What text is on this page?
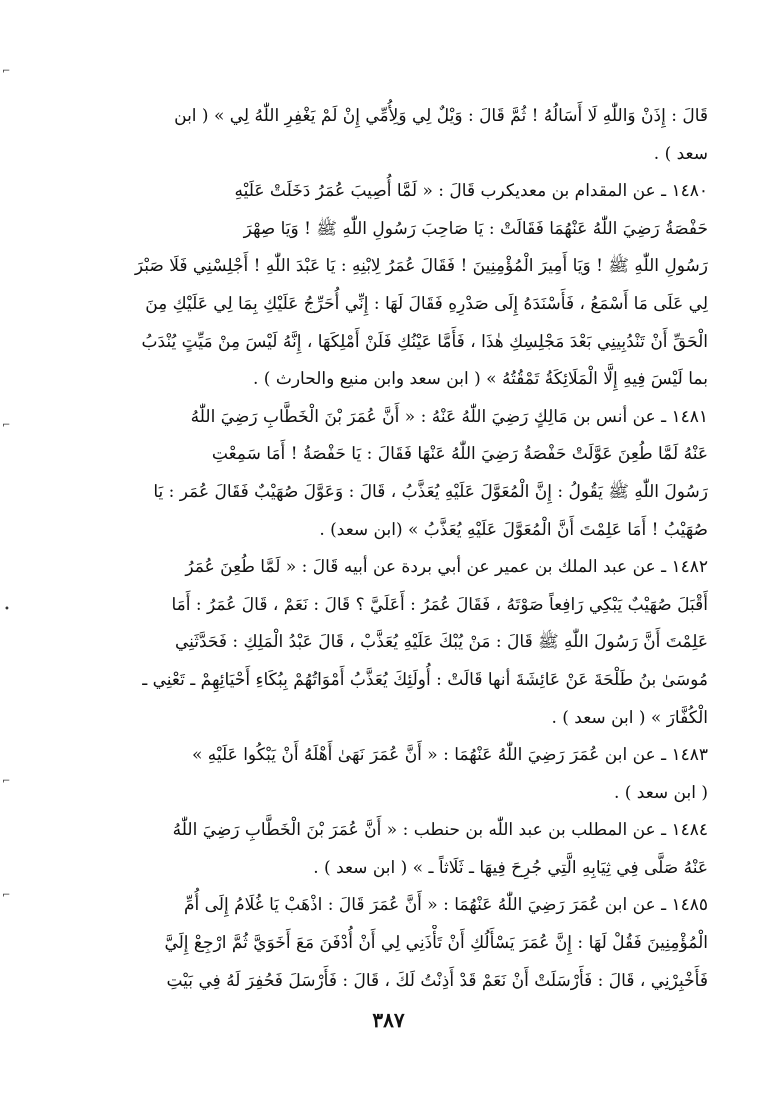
قَالَ : إِذَنْ وَاللّٰهِ لَا أَسَالُهُ ! ثُمَّ قَالَ : وَيْلٌ لِي وَلِأُمِّي إِنْ لَمْ يَغْفِرِ اللّٰهُ لِي » ( ابن
سعد ) .
١٤٨٠ ـ عن المقدام بن معديكرب قَالَ : « لَمَّا أُصِيبَ عُمَرُ دَخَلَتْ عَلَيْهِ
حَفْصَةُ رَضِيَ اللّٰهُ عَنْهُمَا فَقَالَتْ : يَا صَاحِبَ رَسُولِ اللّٰهِ ﷺ ! وَيَا صِهْرَ
رَسُولِ اللّٰهِ ﷺ ! وَيَا أَمِيرَ الْمُؤْمِنِينَ ! فَقَالَ عُمَرُ لِابْنِهِ : يَا عَبْدَ اللّٰهِ ! أَجْلِسْنِي فَلَا صَبْرَ
لِي عَلَى مَا أَسْمَعُ ، فَأَسْنَدَهُ إِلَى صَدْرِهِ فَقَالَ لَهَا : إِنِّي أُحَرِّجُ عَلَيْكِ بِمَا لِي عَلَيْكِ مِنَ
الْحَقِّ أَنْ تَنْدُبِينِي بَعْدَ مَجْلِسِكِ هٰذَا ، فَأَمَّا عَيْنُكِ فَلَنْ أَمْلِكَهَا ، إِنَّهُ لَيْسَ مِنْ مَيِّتٍ يُنْدَبُ
بما لَيْسَ فِيهِ إِلَّا الْمَلَائِكَةُ تَمْقُتُهُ » ( ابن سعد وابن منيع والحارث ) .
١٤٨١ ـ عن أنس بن مَالِكٍ رَضِيَ اللّٰهُ عَنْهُ : « أَنَّ عُمَرَ بْنَ الْخَطَّابِ رَضِيَ اللّٰهُ
عَنْهُ لَمَّا طُعِنَ عَوَّلَتْ حَفْصَةُ رَضِيَ اللّٰهُ عَنْهَا فَقَالَ : يَا حَفْصَةُ ! أَمَا سَمِعْتِ
رَسُولَ اللّٰهِ ﷺ يَقُولُ : إِنَّ الْمُعَوَّلَ عَلَيْهِ يُعَذَّبُ ، قَالَ : وَعَوَّلَ صُهَيْبٌ فَقَالَ عُمَر : يَا
صُهَيْبُ ! أَمَا عَلِمْتَ أَنَّ الْمُعَوَّلَ عَلَيْهِ يُعَذَّبُ » (ابن سعد) .
١٤٨٢ ـ عن عبد الملك بن عمير عن أبي بردة عن أبيه قَالَ : « لَمَّا طُعِنَ عُمَرُ
أَقْبَلَ صُهَيْبٌ يَبْكِي رَافِعاً صَوْتَهُ ، فَقَالَ عُمَرُ : أَعَلَيَّ ؟ قَالَ : نَعَمْ ، قَالَ عُمَرُ : أَمَا
عَلِمْتَ أَنَّ رَسُولَ اللّٰهِ ﷺ قَالَ : مَنْ يُبْكَ عَلَيْهِ يُعَذَّبْ ، قَالَ عَبْدُ الْمَلِكِ : فَحَدَّثَنِي
مُوسَىٰ بنُ طَلْحَةَ عَنْ عَائِشَةَ أنها قَالَتْ : أُولَئِكَ يُعَذَّبُ أَمْوَاتُهُمْ بِبُكَاءِ أَحْيَائِهِمْ ـ تَعْنِي ـ
الْكُفَّارَ » ( ابن سعد ) .
١٤٨٣ ـ عن ابن عُمَرَ رَضِيَ اللّٰهُ عَنْهُمَا : « أَنَّ عُمَرَ نَهَىٰ أَهْلَهُ أَنْ يَبْكُوا عَلَيْهِ »
( ابن سعد ) .
١٤٨٤ ـ عن المطلب بن عبد اللّٰه بن حنطب : « أَنَّ عُمَرَ بْنَ الْخَطَّابِ رَضِيَ اللّٰهُ
عَنْهُ صَلَّى فِي ثِيَابِهِ الَّتِي جُرِحَ فِيهَا ـ ثَلَاثاً ـ » ( ابن سعد ) .
١٤٨٥ ـ عن ابن عُمَرَ رَضِيَ اللّٰهُ عَنْهُمَا : « أَنَّ عُمَرَ قَالَ : اذْهَبْ يَا غُلَامُ إِلَى أُمِّ
الْمُؤْمِنِينَ فَقُلْ لَهَا : إِنَّ عُمَرَ يَسْأَلُكِ أَنْ تَأْذَنِي لِي أَنْ أُدْفَنَ مَعَ أَخَوَيَّ ثُمَّ ارْجِعْ إِلَيَّ
فَأَخْبِرْنِي ، قَالَ : فَأَرْسَلَتْ أَنْ نَعَمْ قَدْ أَذِنْتُ لَكَ ، قَالَ : فَأَرْسَلَ فَحُفِرَ لَهُ فِي بَيْتِ
٣٨٧
⌐
⌐
•
⌐
⌐
